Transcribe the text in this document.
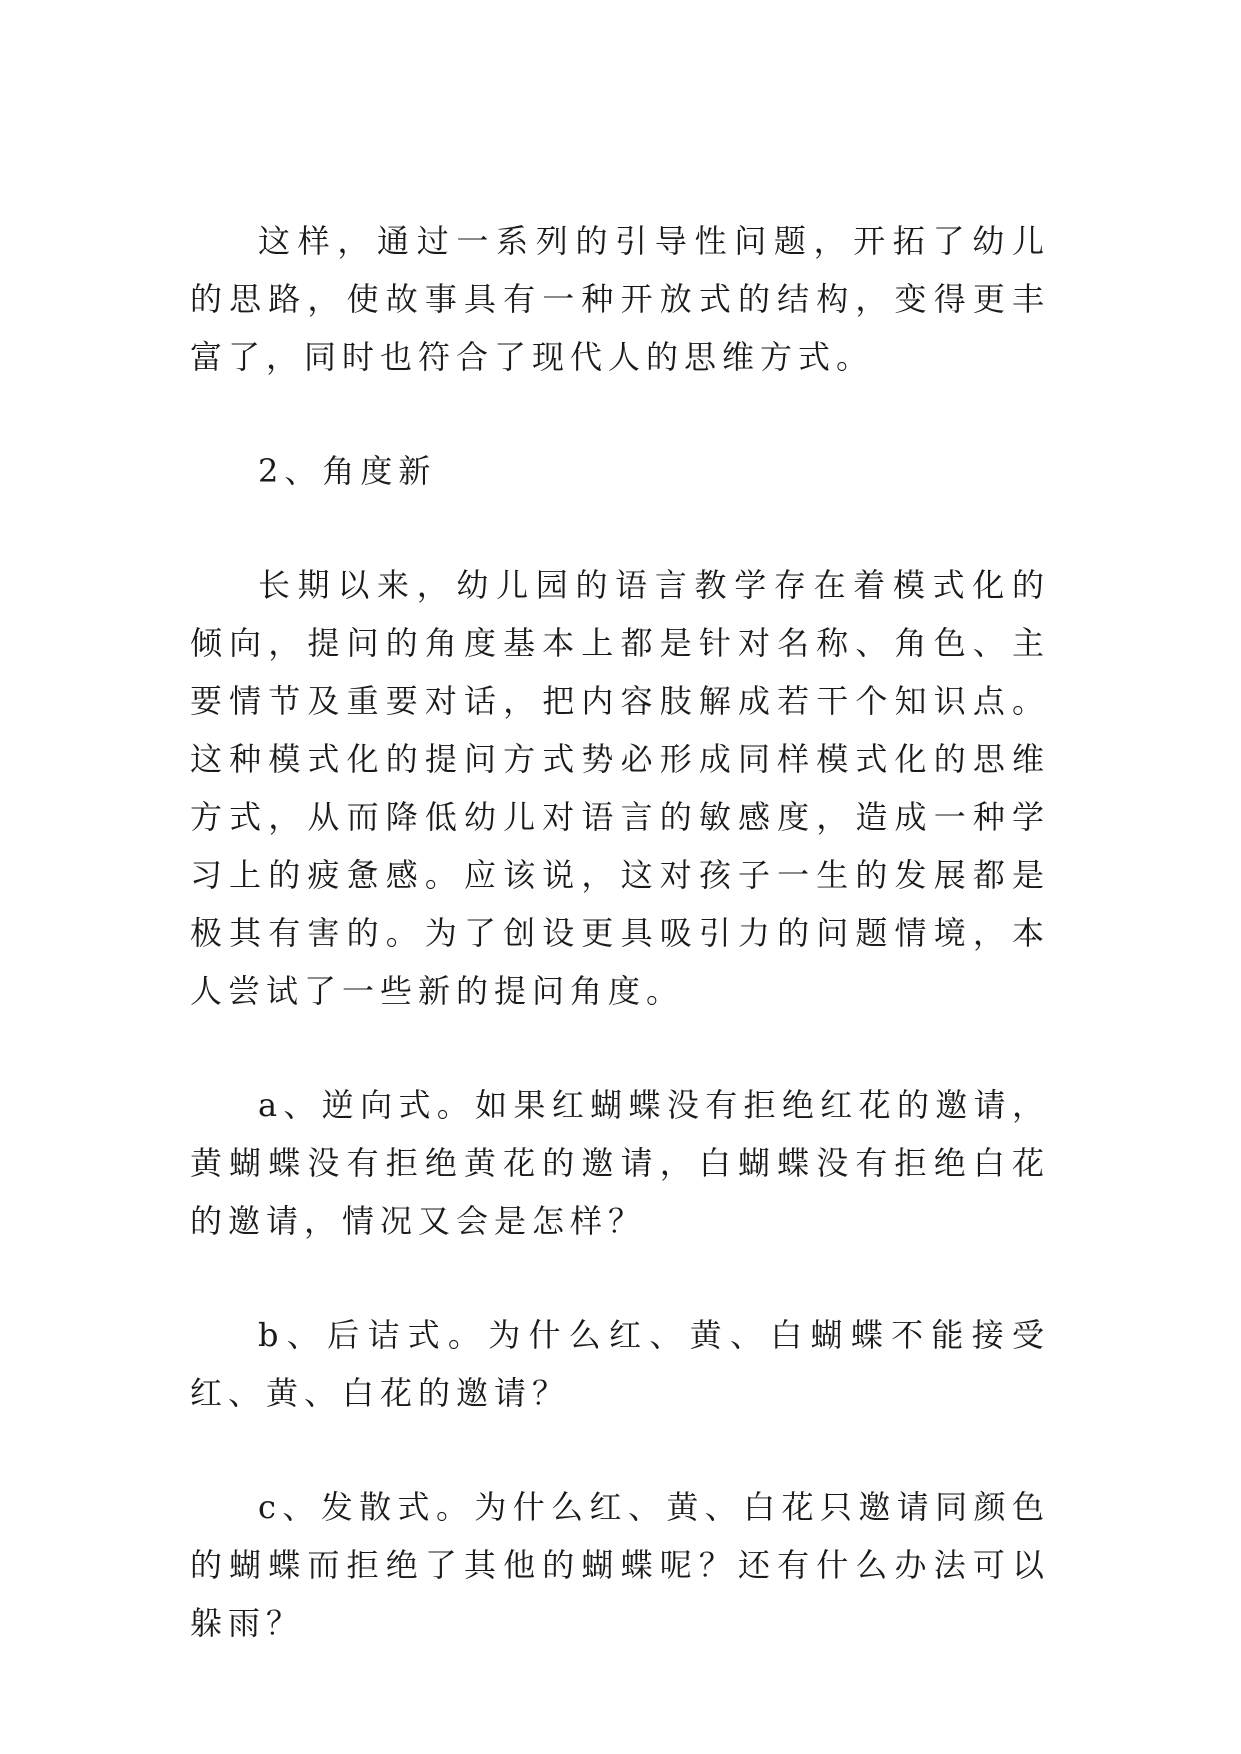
这样，通过一系列的引导性问题，开拓了幼儿的思路，使故事具有一种开放式的结构，变得更丰富了，同时也符合了现代人的思维方式。

2、角度新

长期以来，幼儿园的语言教学存在着模式化的倾向，提问的角度基本上都是针对名称、角色、主要情节及重要对话，把内容肢解成若干个知识点。这种模式化的提问方式势必形成同样模式化的思维方式，从而降低幼儿对语言的敏感度，造成一种学习上的疲惫感。应该说，这对孩子一生的发展都是极其有害的。为了创设更具吸引力的问题情境，本人尝试了一些新的提问角度。

a、逆向式。如果红蝴蝶没有拒绝红花的邀请，黄蝴蝶没有拒绝黄花的邀请，白蝴蝶没有拒绝白花的邀请，情况又会是怎样？

b、后诘式。为什么红、黄、白蝴蝶不能接受红、黄、白花的邀请？

c、发散式。为什么红、黄、白花只邀请同颜色的蝴蝶而拒绝了其他的蝴蝶呢？还有什么办法可以躲雨？
